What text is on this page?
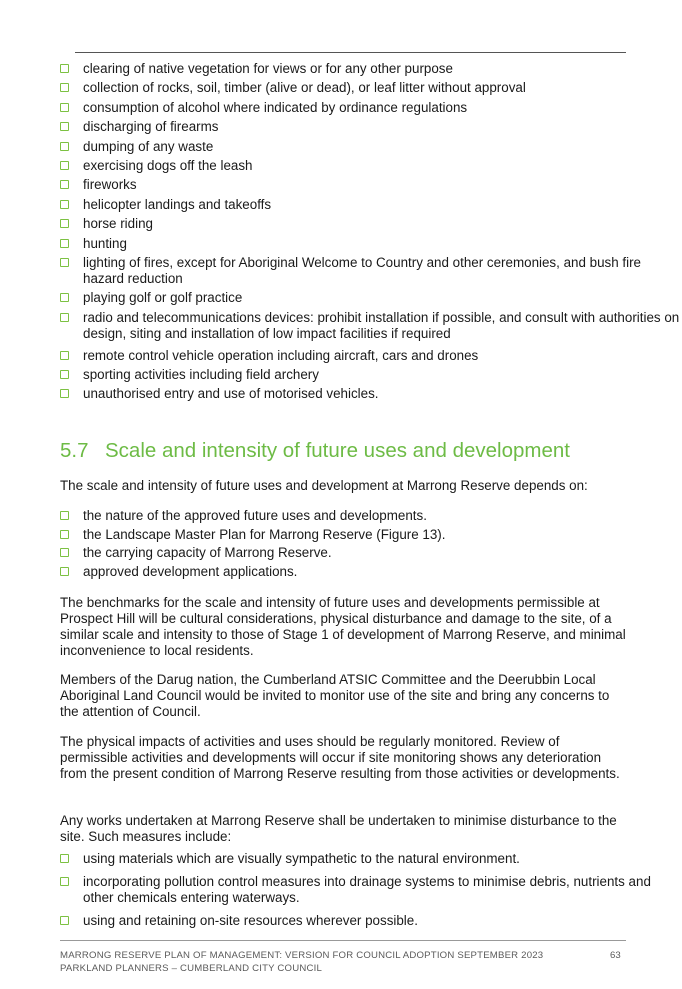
clearing of native vegetation for views or for any other purpose
collection of rocks, soil, timber (alive or dead), or leaf litter without approval
consumption of alcohol where indicated by ordinance regulations
discharging of firearms
dumping of any waste
exercising dogs off the leash
fireworks
helicopter landings and takeoffs
horse riding
hunting
lighting of fires, except for Aboriginal Welcome to Country and other ceremonies, and bush fire hazard reduction
playing golf or golf practice
radio and telecommunications devices: prohibit installation if possible, and consult with authorities on design, siting and installation of low impact facilities if required
remote control vehicle operation including aircraft, cars and drones
sporting activities including field archery
unauthorised entry and use of motorised vehicles.
5.7 Scale and intensity of future uses and development

The scale and intensity of future uses and development at Marrong Reserve depends on:

the nature of the approved future uses and developments.
the Landscape Master Plan for Marrong Reserve (Figure 13).
the carrying capacity of Marrong Reserve.
approved development applications.

The benchmarks for the scale and intensity of future uses and developments permissible at Prospect Hill will be cultural considerations, physical disturbance and damage to the site, of a similar scale and intensity to those of Stage 1 of development of Marrong Reserve, and minimal inconvenience to local residents.

Members of the Darug nation, the Cumberland ATSIC Committee and the Deerubbin Local Aboriginal Land Council would be invited to monitor use of the site and bring any concerns to the attention of Council.

The physical impacts of activities and uses should be regularly monitored. Review of permissible activities and developments will occur if site monitoring shows any deterioration from the present condition of Marrong Reserve resulting from those activities or developments.

Any works undertaken at Marrong Reserve shall be undertaken to minimise disturbance to the site. Such measures include:

using materials which are visually sympathetic to the natural environment.
incorporating pollution control measures into drainage systems to minimise debris, nutrients and other chemicals entering waterways.
using and retaining on-site resources wherever possible.
MARRONG RESERVE PLAN OF MANAGEMENT: VERSION FOR COUNCIL ADOPTION SEPTEMBER 2023
PARKLAND PLANNERS – CUMBERLAND CITY COUNCIL
63
